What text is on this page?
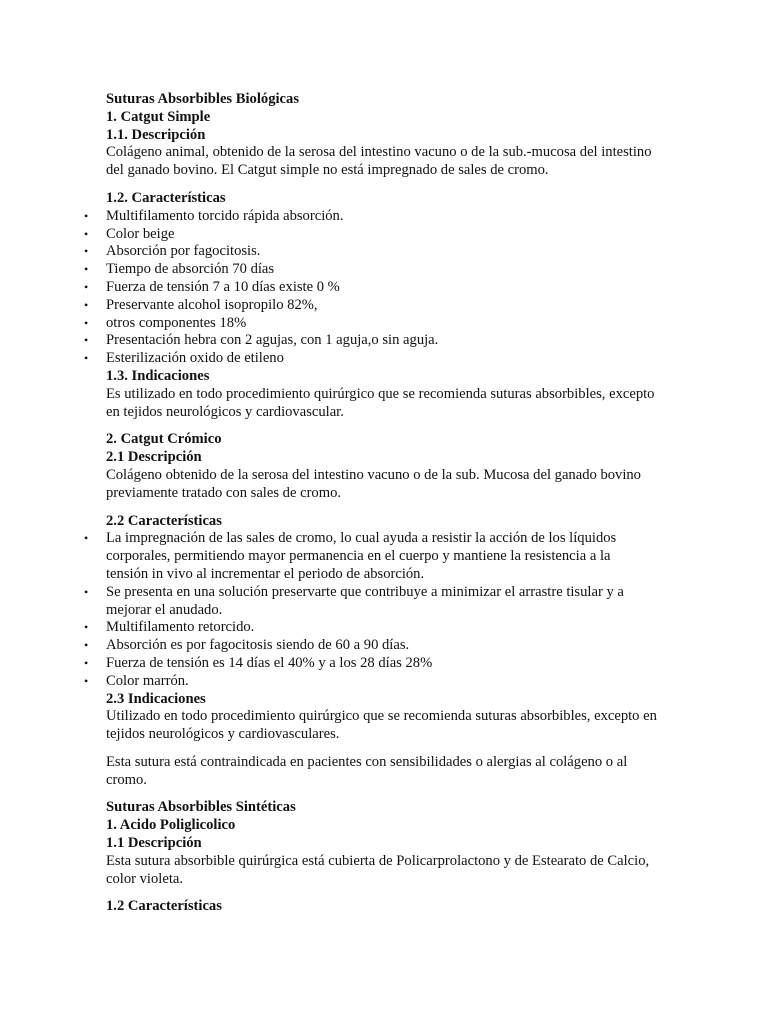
Suturas Absorbibles Biológicas
1. Catgut Simple
1.1. Descripción
Colágeno animal, obtenido de la serosa del intestino vacuno o de la sub.-mucosa del intestino del ganado bovino. El Catgut simple no está impregnado de sales de cromo.
1.2. Características
• Multifilamento torcido rápida absorción.
• Color beige
• Absorción por fagocitosis.
• Tiempo de absorción 70 días
• Fuerza de tensión 7 a 10 días existe 0 %
• Preservante alcohol isopropilo 82%,
• otros componentes 18%
• Presentación hebra con 2 agujas, con 1 aguja,o sin aguja.
• Esterilización oxido de etileno
1.3. Indicaciones
Es utilizado en todo procedimiento quirúrgico que se recomienda suturas absorbibles, excepto en tejidos neurológicos y cardiovascular.
2. Catgut Crómico
2.1 Descripción
Colágeno obtenido de la serosa del intestino vacuno o de la sub. Mucosa del ganado bovino previamente tratado con sales de cromo.
2.2 Características
• La impregnación de las sales de cromo, lo cual ayuda a resistir la acción de los líquidos corporales, permitiendo mayor permanencia en el cuerpo y mantiene la resistencia a la tensión in vivo al incrementar el periodo de absorción.
• Se presenta en una solución preservarte que contribuye a minimizar el arrastre tisular y a mejorar el anudado.
• Multifilamento retorcido.
• Absorción es por fagocitosis siendo de 60 a 90 días.
• Fuerza de tensión es 14 días el 40% y a los 28 días 28%
• Color marrón.
2.3 Indicaciones
Utilizado en todo procedimiento quirúrgico que se recomienda suturas absorbibles, excepto en tejidos neurológicos y cardiovasculares.
Esta sutura está contraindicada en pacientes con sensibilidades o alergias al colágeno o al cromo.
Suturas Absorbibles Sintéticas
1. Acido Poliglicolico
1.1 Descripción
Esta sutura absorbible quirúrgica está cubierta de Policarprolactono y de Estearato de Calcio, color violeta.
1.2 Características
